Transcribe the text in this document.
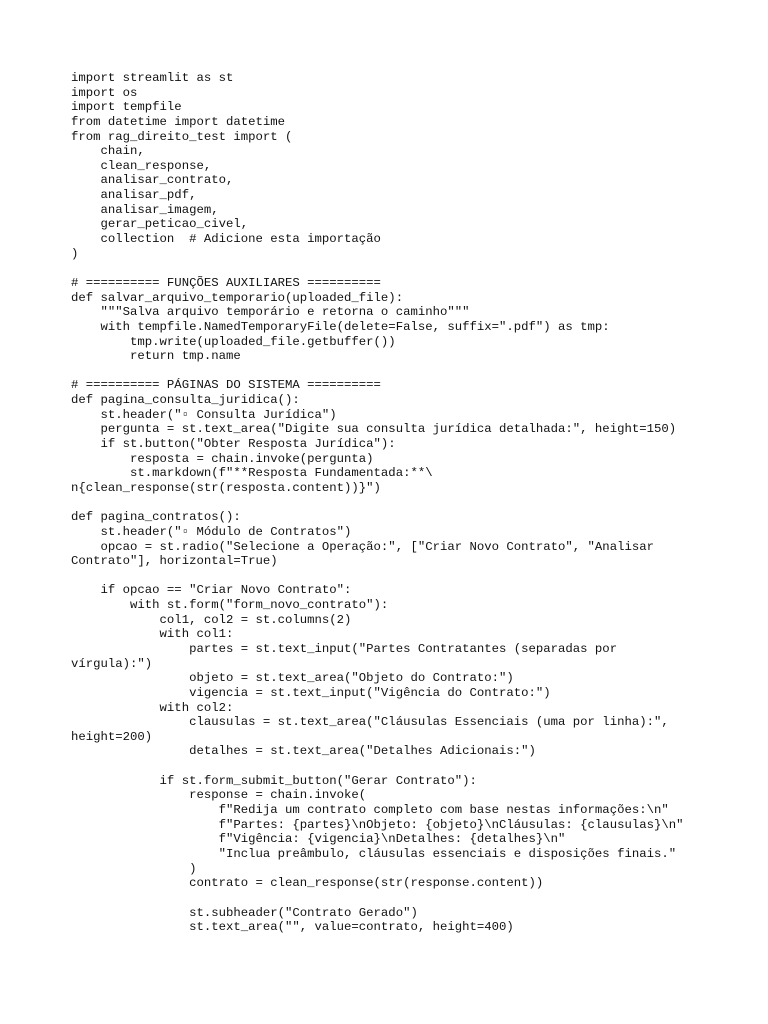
import streamlit as st
import os
import tempfile
from datetime import datetime
from rag_direito_test import (
chain,
clean_response,
analisar_contrato,
analisar_pdf,
analisar_imagem,
gerar_peticao_civel,
collection  # Adicione esta importação
)
# ========== FUNÇÕES AUXILIARES ==========
def salvar_arquivo_temporario(uploaded_file):
"""Salva arquivo temporário e retorna o caminho"""
with tempfile.NamedTemporaryFile(delete=False, suffix=".pdf") as tmp:
tmp.write(uploaded_file.getbuffer())
return tmp.name
# ========== PÁGINAS DO SISTEMA ==========
def pagina_consulta_juridica():
st.header("▫ Consulta Jurídica")
pergunta = st.text_area("Digite sua consulta jurídica detalhada:", height=150)
if st.button("Obter Resposta Jurídica"):
resposta = chain.invoke(pergunta)
st.markdown(f"**Resposta Fundamentada:**\
n{clean_response(str(resposta.content))}")
def pagina_contratos():
st.header("▫ Módulo de Contratos")
opcao = st.radio("Selecione a Operação:", ["Criar Novo Contrato", "Analisar
Contrato"], horizontal=True)
if opcao == "Criar Novo Contrato":
with st.form("form_novo_contrato"):
col1, col2 = st.columns(2)
with col1:
partes = st.text_input("Partes Contratantes (separadas por
vírgula):")
objeto = st.text_area("Objeto do Contrato:")
vigencia = st.text_input("Vigência do Contrato:")
with col2:
clausulas = st.text_area("Cláusulas Essenciais (uma por linha):",
height=200)
detalhes = st.text_area("Detalhes Adicionais:")
if st.form_submit_button("Gerar Contrato"):
response = chain.invoke(
f"Redija um contrato completo com base nestas informações:\n"
f"Partes: {partes}\nObjeto: {objeto}\nCláusulas: {clausulas}\n"
f"Vigência: {vigencia}\nDetalhes: {detalhes}\n"
"Inclua preâmbulo, cláusulas essenciais e disposições finais."
)
contrato = clean_response(str(response.content))
st.subheader("Contrato Gerado")
st.text_area("", value=contrato, height=400)
